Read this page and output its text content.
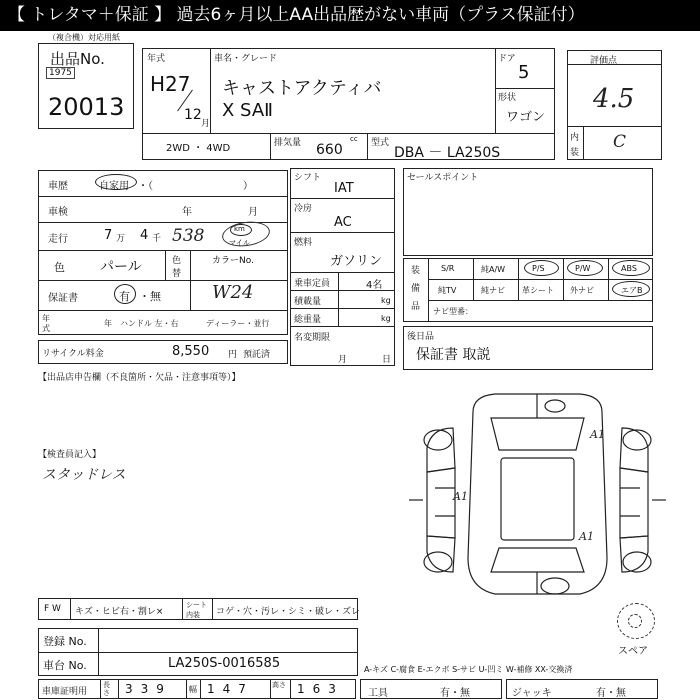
【 トレタマ＋保証 】 過去6ヶ月以上AA出品歴がない車両（プラス保証付）
（複合機）対応用紙
出品No.
1975
20013
年式
H27
12
月
車名・グレード
キャストアクティバ
X SAⅡ
ドア
5
形状
ワゴン
2WD ・ 4WD	排気量	cc
660	型式
DBA － LA250S
評価点
4.5
内
装
C
車歴	自家用 ・（　　　　　　　　　）
車検	年	月
走行	7 万 4 千 538	km
マイル
色	パール	色
替
カラーNo.
W24
保証書	有 ・無
年
式
年 ハンドル 左・右	ディーラー・並行
シフト
IAT
冷房
AC
燃料
ガソリン
乗車定員	4名
積載量	kg
総重量	kg
名変期限
月	日
セールスポイント
装
備
品
S/R	純A/W	P/S	P/W	ABS
純TV	純ナビ 革シート 外ナビ	エアB
ナビ型番：
リサイクル料金	8,550 円 預託済
【出品店申告欄（不良箇所・欠品・注意事項等）】
後日品
保証書 取説
【検査員記入】
スタッドレス
A1
A1
A1
スペア
A-キズ C-腐食 E-エクボ S-サビ U-凹ミ W-補修 XX-交換済
F W キズ・ヒビ右・割レ×
シート
内装 コゲ・穴・汚レ・シミ・破レ・ズレ
登録 No.
車台 No.	LA250S-0016585
車庫証明用
長さ	339 幅 147	高さ 163 工具	有・無	ジャッキ	有・無
